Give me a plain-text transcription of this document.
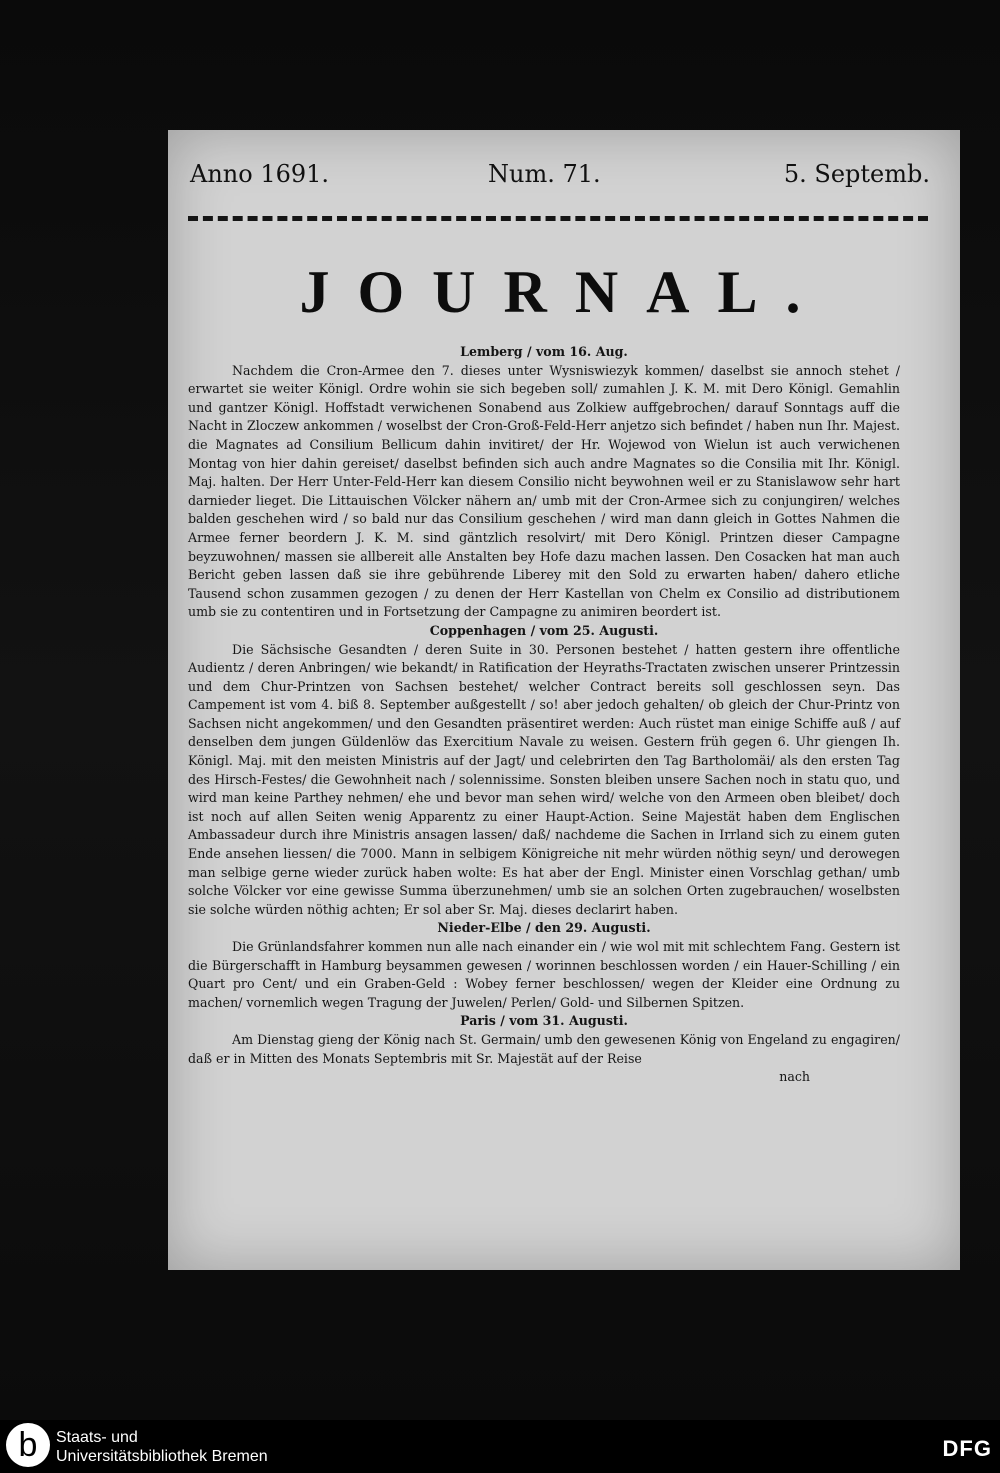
Anno 1691.	Num. 71.	5. Septemb.
JOURNAL.

Lemberg / vom 16. Aug.

Nachdem die Cron-Armee den 7. dieses unter Wysniswiezyk kommen/ daselbst sie annoch stehet / erwartet sie weiter Königl. Ordre wohin sie sich begeben soll/ zumahlen J. K. M. mit Dero Königl. Gemahlin und gantzer Königl. Hoffstadt verwichenen Sonabend aus Zolkiew auffgebrochen/ darauf Sonntags auff die Nacht in Zloczew ankommen / woselbst der Cron-Groß-Feld-Herr anjetzo sich befindet / haben nun Ihr. Majest. die Magnates ad Consilium Bellicum dahin invitiret/ der Hr. Wojewod von Wielun ist auch verwichenen Montag von hier dahin gereiset/ daselbst befinden sich auch andre Magnates so die Consilia mit Ihr. Königl. Maj. halten. Der Herr Unter-Feld-Herr kan diesem Consilio nicht beywohnen weil er zu Stanislawow sehr hart darnieder lieget. Die Littauischen Völcker nähern an/ umb mit der Cron-Armee sich zu conjungiren/ welches balden geschehen wird / so bald nur das Consilium geschehen / wird man dann gleich in Gottes Nahmen die Armee ferner beordern J. K. M. sind gäntzlich resolvirt/ mit Dero Königl. Printzen dieser Campagne beyzuwohnen/ massen sie allbereit alle Anstalten bey Hofe dazu machen lassen. Den Cosacken hat man auch Bericht geben lassen daß sie ihre gebührende Liberey mit den Sold zu erwarten haben/ dahero etliche Tausend schon zusammen gezogen / zu denen der Herr Kastellan von Chelm ex Consilio ad distributionem umb sie zu contentiren und in Fortsetzung der Campagne zu animiren beordert ist.

Coppenhagen / vom 25. Augusti.

Die Sächsische Gesandten / deren Suite in 30. Personen bestehet / hatten gestern ihre offentliche Audientz / deren Anbringen/ wie bekandt/ in Ratification der Heyraths-Tractaten zwischen unserer Printzessin und dem Chur-Printzen von Sachsen bestehet/ welcher Contract bereits soll geschlossen seyn. Das Campement ist vom 4. biß 8. September außgestellt / so! aber jedoch gehalten/ ob gleich der Chur-Printz von Sachsen nicht angekommen/ und den Gesandten präsentiret werden: Auch rüstet man einige Schiffe auß / auf denselben dem jungen Güldenlöw das Exercitium Navale zu weisen. Gestern früh gegen 6. Uhr giengen Ih. Königl. Maj. mit den meisten Ministris auf der Jagt/ und celebrirten den Tag Bartholomäi/ als den ersten Tag des Hirsch-Festes/ die Gewohnheit nach / solennissime. Sonsten bleiben unsere Sachen noch in statu quo, und wird man keine Parthey nehmen/ ehe und bevor man sehen wird/ welche von den Armeen oben bleibet/ doch ist noch auf allen Seiten wenig Apparentz zu einer Haupt-Action. Seine Majestät haben dem Englischen Ambassadeur durch ihre Ministris ansagen lassen/ daß/ nachdeme die Sachen in Irrland sich zu einem guten Ende ansehen liessen/ die 7000. Mann in selbigem Königreiche nit mehr würden nöthig seyn/ und derowegen man selbige gerne wieder zurück haben wolte: Es hat aber der Engl. Minister einen Vorschlag gethan/ umb solche Völcker vor eine gewisse Summa überzunehmen/ umb sie an solchen Orten zugebrauchen/ woselbsten sie solche würden nöthig achten; Er sol aber Sr. Maj. dieses declarirt haben.

Nieder-Elbe / den 29. Augusti.

Die Grünlandsfahrer kommen nun alle nach einander ein / wie wol mit mit schlechtem Fang. Gestern ist die Bürgerschafft in Hamburg beysammen gewesen / worinnen beschlossen worden / ein Hauer-Schilling / ein Quart pro Cent/ und ein Graben-Geld : Wobey ferner beschlossen/ wegen der Kleider eine Ordnung zu machen/ vornemlich wegen Tragung der Juwelen/ Perlen/ Gold- und Silbernen Spitzen.

Paris / vom 31. Augusti.

Am Dienstag gieng der König nach St. Germain/ umb den gewesenen König von Engeland zu engagiren/ daß er in Mitten des Monats Septembris mit Sr. Majestät auf der Reise

nach

b Staats- und
Universitätsbibliothek Bremen	DFG
